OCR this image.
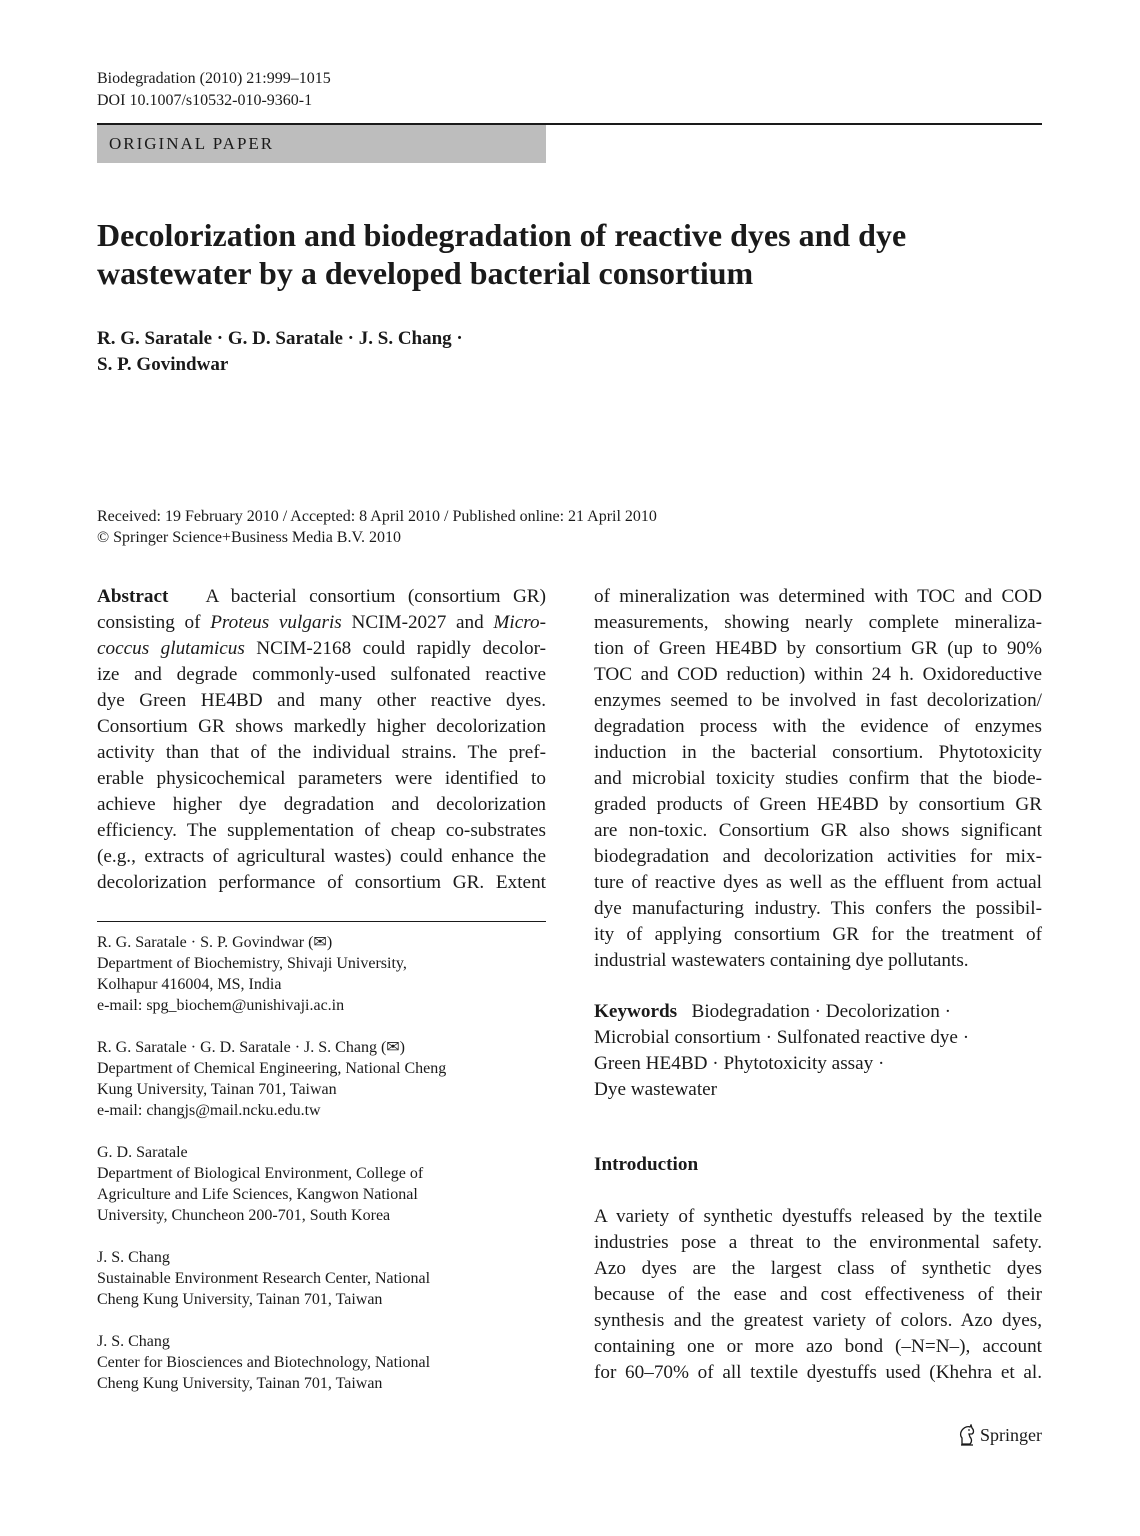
Biodegradation (2010) 21:999–1015
DOI 10.1007/s10532-010-9360-1
ORIGINAL PAPER
Decolorization and biodegradation of reactive dyes and dye
wastewater by a developed bacterial consortium
R. G. Saratale · G. D. Saratale · J. S. Chang ·
S. P. Govindwar
Received: 19 February 2010 / Accepted: 8 April 2010 / Published online: 21 April 2010
© Springer Science+Business Media B.V. 2010
Abstract A bacterial consortium (consortium GR)
consisting of Proteus vulgaris NCIM-2027 and Micro-
coccus glutamicus NCIM-2168 could rapidly decolor-
ize and degrade commonly-used sulfonated reactive
dye Green HE4BD and many other reactive dyes.
Consortium GR shows markedly higher decolorization
activity than that of the individual strains. The pref-
erable physicochemical parameters were identified to
achieve higher dye degradation and decolorization
efficiency. The supplementation of cheap co-substrates
(e.g., extracts of agricultural wastes) could enhance the
decolorization performance of consortium GR. Extent
R. G. Saratale · S. P. Govindwar (✉)
Department of Biochemistry, Shivaji University,
Kolhapur 416004, MS, India
e-mail: spg_biochem@unishivaji.ac.in
R. G. Saratale · G. D. Saratale · J. S. Chang (✉)
Department of Chemical Engineering, National Cheng
Kung University, Tainan 701, Taiwan
e-mail: changjs@mail.ncku.edu.tw
G. D. Saratale
Department of Biological Environment, College of
Agriculture and Life Sciences, Kangwon National
University, Chuncheon 200-701, South Korea
J. S. Chang
Sustainable Environment Research Center, National
Cheng Kung University, Tainan 701, Taiwan
J. S. Chang
Center for Biosciences and Biotechnology, National
Cheng Kung University, Tainan 701, Taiwan
of mineralization was determined with TOC and COD
measurements, showing nearly complete mineraliza-
tion of Green HE4BD by consortium GR (up to 90%
TOC and COD reduction) within 24 h. Oxidoreductive
enzymes seemed to be involved in fast decolorization/
degradation process with the evidence of enzymes
induction in the bacterial consortium. Phytotoxicity
and microbial toxicity studies confirm that the biode-
graded products of Green HE4BD by consortium GR
are non-toxic. Consortium GR also shows significant
biodegradation and decolorization activities for mix-
ture of reactive dyes as well as the effluent from actual
dye manufacturing industry. This confers the possibil-
ity of applying consortium GR for the treatment of
industrial wastewaters containing dye pollutants.
Keywords Biodegradation · Decolorization ·
Microbial consortium · Sulfonated reactive dye ·
Green HE4BD · Phytotoxicity assay ·
Dye wastewater
Introduction
A variety of synthetic dyestuffs released by the textile
industries pose a threat to the environmental safety.
Azo dyes are the largest class of synthetic dyes
because of the ease and cost effectiveness of their
synthesis and the greatest variety of colors. Azo dyes,
containing one or more azo bond (–N=N–), account
for 60–70% of all textile dyestuffs used (Khehra et al.
Springer
